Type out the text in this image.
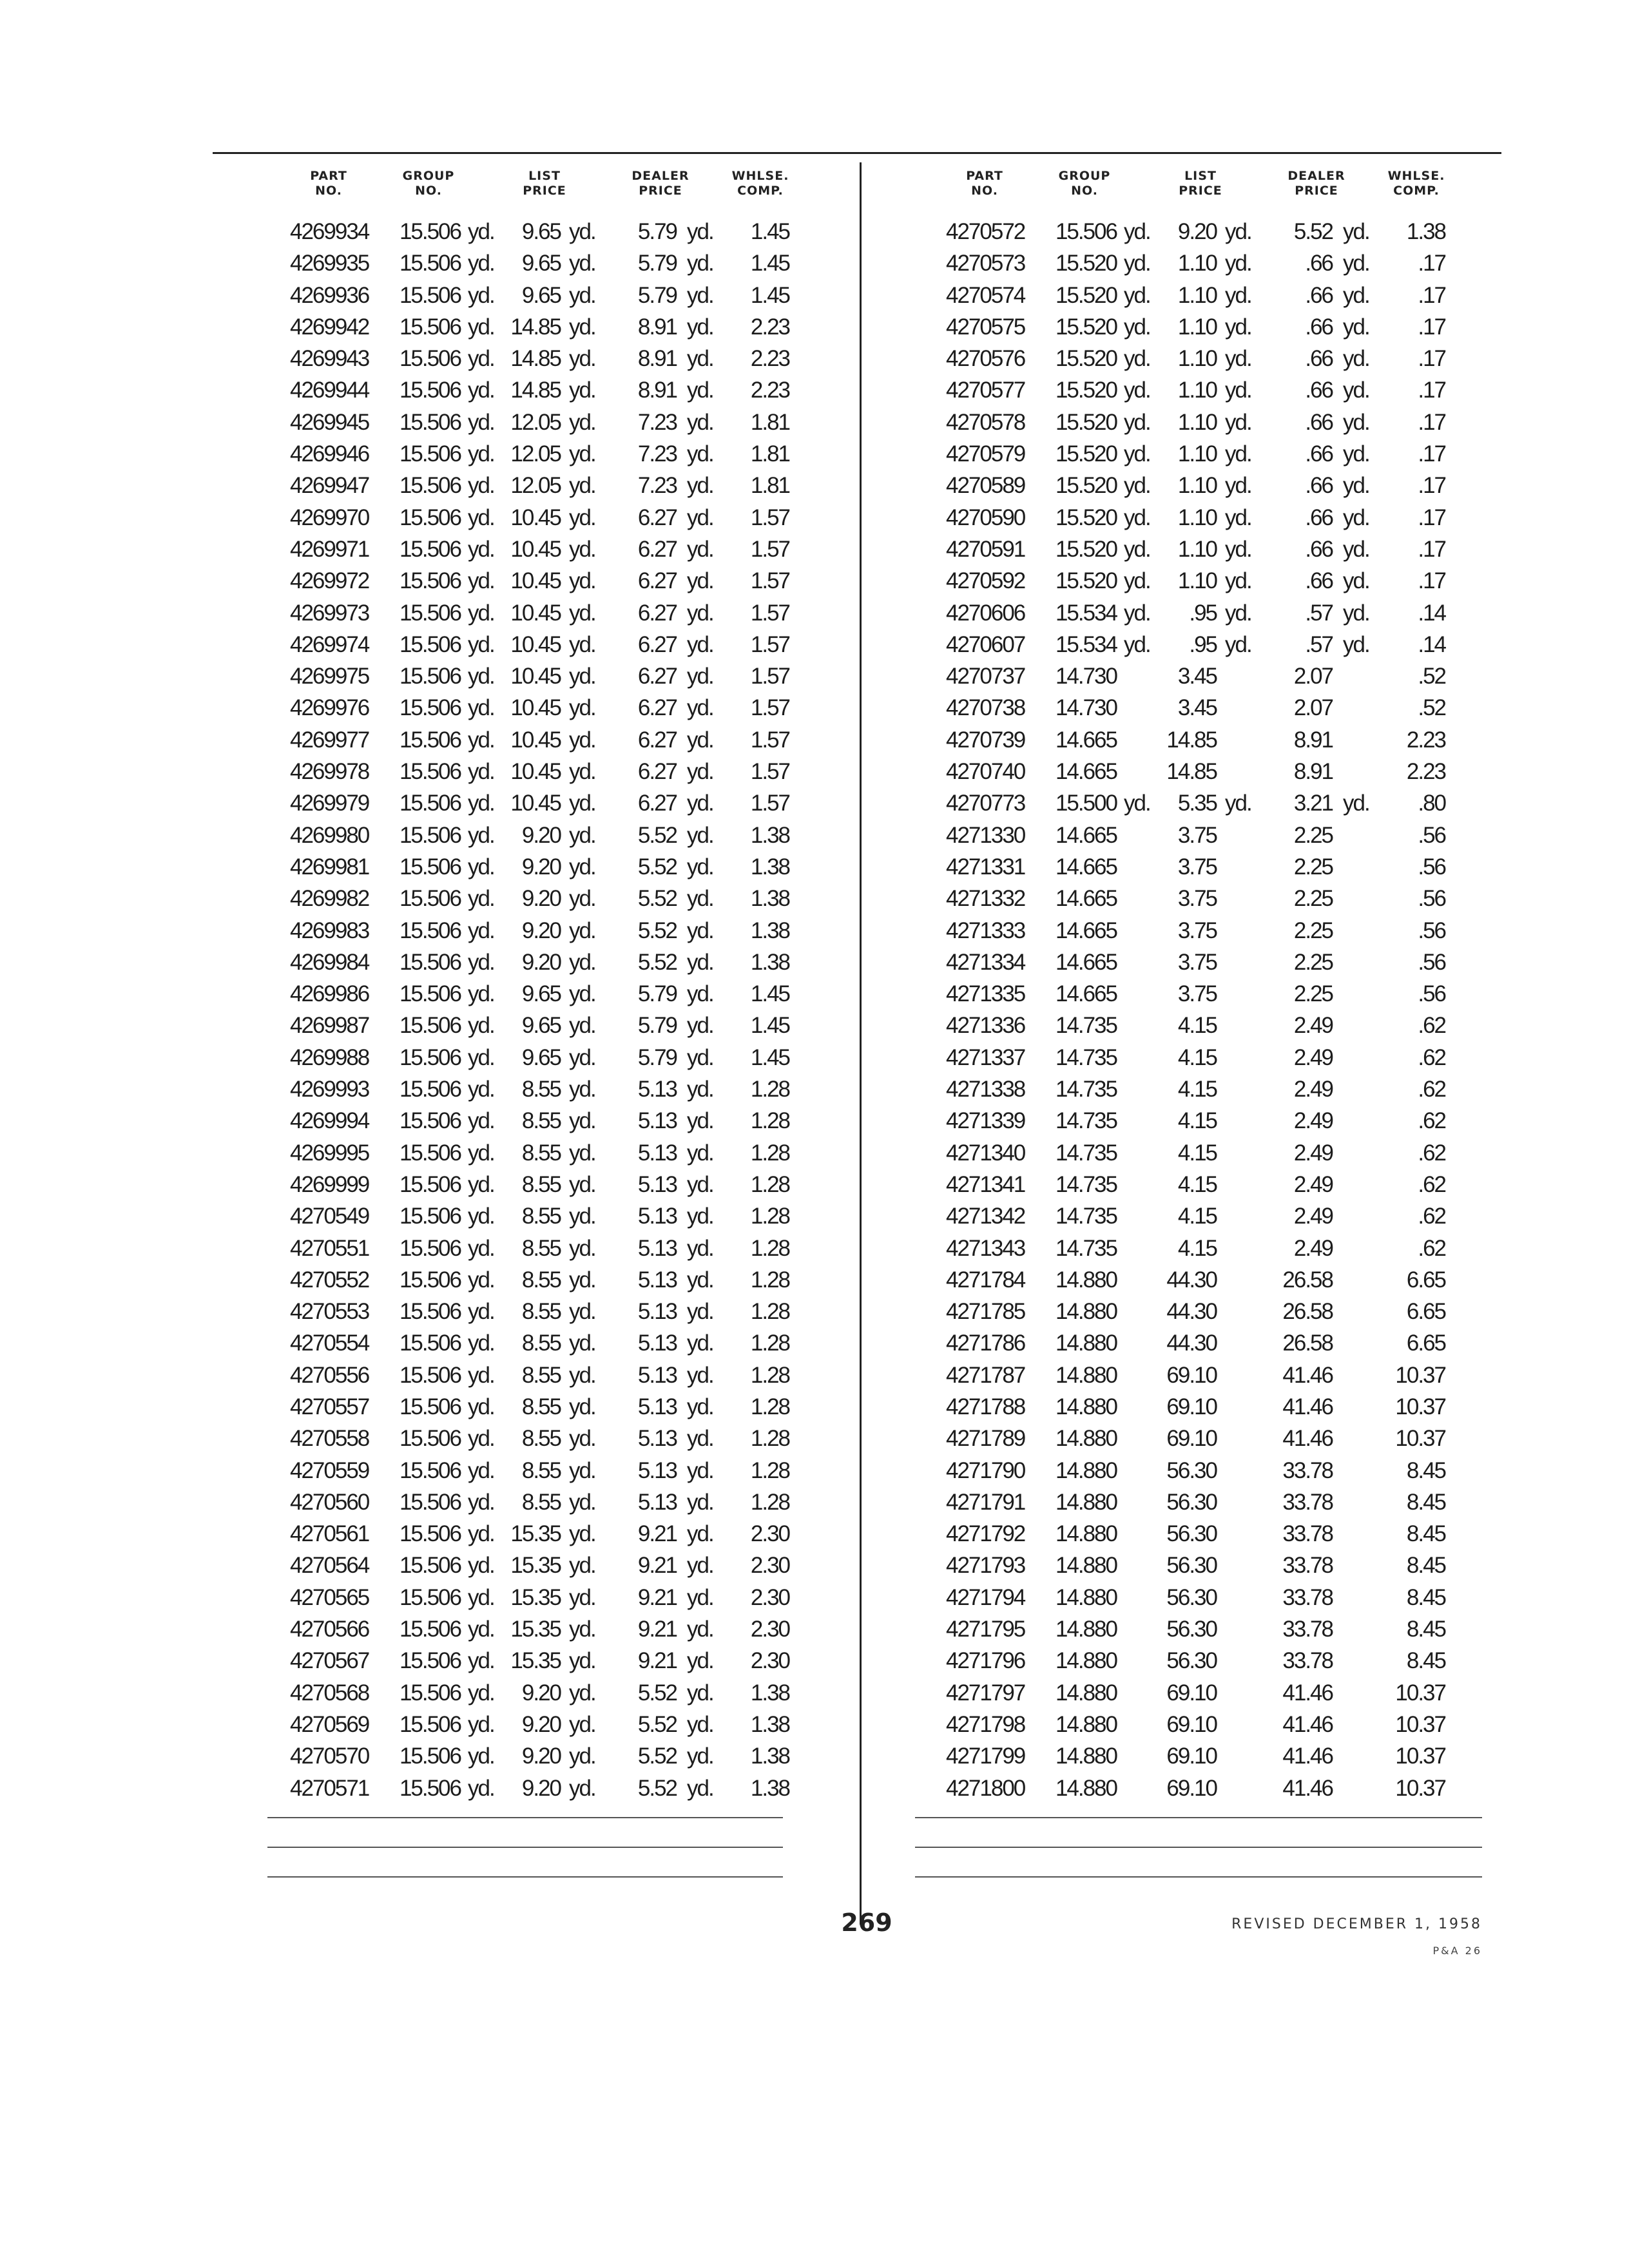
PART
NO.
GROUP
NO.
LIST
PRICE
DEALER
PRICE
WHLSE.
COMP.
4269934	15.506 yd.	9.65 yd.	5.79 yd.	1.45
4269935	15.506 yd.	9.65 yd.	5.79 yd.	1.45
4269936	15.506 yd.	9.65 yd.	5.79 yd.	1.45
4269942	15.506 yd. 14.85 yd.	8.91 yd.	2.23
4269943	15.506 yd. 14.85 yd.	8.91 yd.	2.23
4269944	15.506 yd. 14.85 yd.	8.91 yd.	2.23
4269945	15.506 yd. 12.05 yd.	7.23 yd.	1.81
4269946	15.506 yd. 12.05 yd.	7.23 yd.	1.81
4269947	15.506 yd. 12.05 yd.	7.23 yd.	1.81
4269970	15.506 yd. 10.45 yd.	6.27 yd.	1.57
4269971	15.506 yd. 10.45 yd.	6.27 yd.	1.57
4269972	15.506 yd. 10.45 yd.	6.27 yd.	1.57
4269973	15.506 yd. 10.45 yd.	6.27 yd.	1.57
4269974	15.506 yd. 10.45 yd.	6.27 yd.	1.57
4269975	15.506 yd. 10.45 yd.	6.27 yd.	1.57
4269976	15.506 yd. 10.45 yd.	6.27 yd.	1.57
4269977	15.506 yd. 10.45 yd.	6.27 yd.	1.57
4269978	15.506 yd. 10.45 yd.	6.27 yd.	1.57
4269979	15.506 yd. 10.45 yd.	6.27 yd.	1.57
4269980	15.506 yd.	9.20 yd.	5.52 yd.	1.38
4269981	15.506 yd.	9.20 yd.	5.52 yd.	1.38
4269982	15.506 yd.	9.20 yd.	5.52 yd.	1.38
4269983	15.506 yd.	9.20 yd.	5.52 yd.	1.38
4269984	15.506 yd.	9.20 yd.	5.52 yd.	1.38
4269986	15.506 yd.	9.65 yd.	5.79 yd.	1.45
4269987	15.506 yd.	9.65 yd.	5.79 yd.	1.45
4269988	15.506 yd.	9.65 yd.	5.79 yd.	1.45
4269993	15.506 yd.	8.55 yd.	5.13 yd.	1.28
4269994	15.506 yd.	8.55 yd.	5.13 yd.	1.28
4269995	15.506 yd.	8.55 yd.	5.13 yd.	1.28
4269999	15.506 yd.	8.55 yd.	5.13 yd.	1.28
4270549	15.506 yd.	8.55 yd.	5.13 yd.	1.28
4270551	15.506 yd.	8.55 yd.	5.13 yd.	1.28
4270552	15.506 yd.	8.55 yd.	5.13 yd.	1.28
4270553	15.506 yd.	8.55 yd.	5.13 yd.	1.28
4270554	15.506 yd.	8.55 yd.	5.13 yd.	1.28
4270556	15.506 yd.	8.55 yd.	5.13 yd.	1.28
4270557	15.506 yd.	8.55 yd.	5.13 yd.	1.28
4270558	15.506 yd.	8.55 yd.	5.13 yd.	1.28
4270559	15.506 yd.	8.55 yd.	5.13 yd.	1.28
4270560	15.506 yd.	8.55 yd.	5.13 yd.	1.28
4270561	15.506 yd. 15.35 yd.	9.21 yd.	2.30
4270564	15.506 yd. 15.35 yd.	9.21 yd.	2.30
4270565	15.506 yd. 15.35 yd.	9.21 yd.	2.30
4270566	15.506 yd. 15.35 yd.	9.21 yd.	2.30
4270567	15.506 yd. 15.35 yd.	9.21 yd.	2.30
4270568	15.506 yd.	9.20 yd.	5.52 yd.	1.38
4270569	15.506 yd.	9.20 yd.	5.52 yd.	1.38
4270570	15.506 yd.	9.20 yd.	5.52 yd.	1.38
4270571	15.506 yd.	9.20 yd.	5.52 yd.	1.38
PART
NO.
GROUP
NO.
LIST
PRICE
DEALER
PRICE
WHLSE.
COMP.
4270572	15.506 yd.	9.20 yd.	5.52 yd.	1.38
4270573	15.520 yd.	1.10 yd.	.66 yd.	.17
4270574	15.520 yd.	1.10 yd.	.66 yd.	.17
4270575	15.520 yd.	1.10 yd.	.66 yd.	.17
4270576	15.520 yd.	1.10 yd.	.66 yd.	.17
4270577	15.520 yd.	1.10 yd.	.66 yd.	.17
4270578	15.520 yd.	1.10 yd.	.66 yd.	.17
4270579	15.520 yd.	1.10 yd.	.66 yd.	.17
4270589	15.520 yd.	1.10 yd.	.66 yd.	.17
4270590	15.520 yd.	1.10 yd.	.66 yd.	.17
4270591	15.520 yd.	1.10 yd.	.66 yd.	.17
4270592	15.520 yd.	1.10 yd.	.66 yd.	.17
4270606	15.534 yd.	.95 yd.	.57 yd.	.14
4270607	15.534 yd.	.95 yd.	.57 yd.	.14
4270737	14.730	3.45	2.07	.52
4270738	14.730	3.45	2.07	.52
4270739	14.665	14.85	8.91	2.23
4270740	14.665	14.85	8.91	2.23
4270773	15.500 yd.	5.35 yd.	3.21 yd.	.80
4271330	14.665	3.75	2.25	.56
4271331	14.665	3.75	2.25	.56
4271332	14.665	3.75	2.25	.56
4271333	14.665	3.75	2.25	.56
4271334	14.665	3.75	2.25	.56
4271335	14.665	3.75	2.25	.56
4271336	14.735	4.15	2.49	.62
4271337	14.735	4.15	2.49	.62
4271338	14.735	4.15	2.49	.62
4271339	14.735	4.15	2.49	.62
4271340	14.735	4.15	2.49	.62
4271341	14.735	4.15	2.49	.62
4271342	14.735	4.15	2.49	.62
4271343	14.735	4.15	2.49	.62
4271784	14.880	44.30	26.58	6.65
4271785	14.880	44.30	26.58	6.65
4271786	14.880	44.30	26.58	6.65
4271787	14.880	69.10	41.46	10.37
4271788	14.880	69.10	41.46	10.37
4271789	14.880	69.10	41.46	10.37
4271790	14.880	56.30	33.78	8.45
4271791	14.880	56.30	33.78	8.45
4271792	14.880	56.30	33.78	8.45
4271793	14.880	56.30	33.78	8.45
4271794	14.880	56.30	33.78	8.45
4271795	14.880	56.30	33.78	8.45
4271796	14.880	56.30	33.78	8.45
4271797	14.880	69.10	41.46	10.37
4271798	14.880	69.10	41.46	10.37
4271799	14.880	69.10	41.46	10.37
4271800	14.880	69.10	41.46	10.37
269	REVISED DECEMBER 1, 1958
P&A 26
